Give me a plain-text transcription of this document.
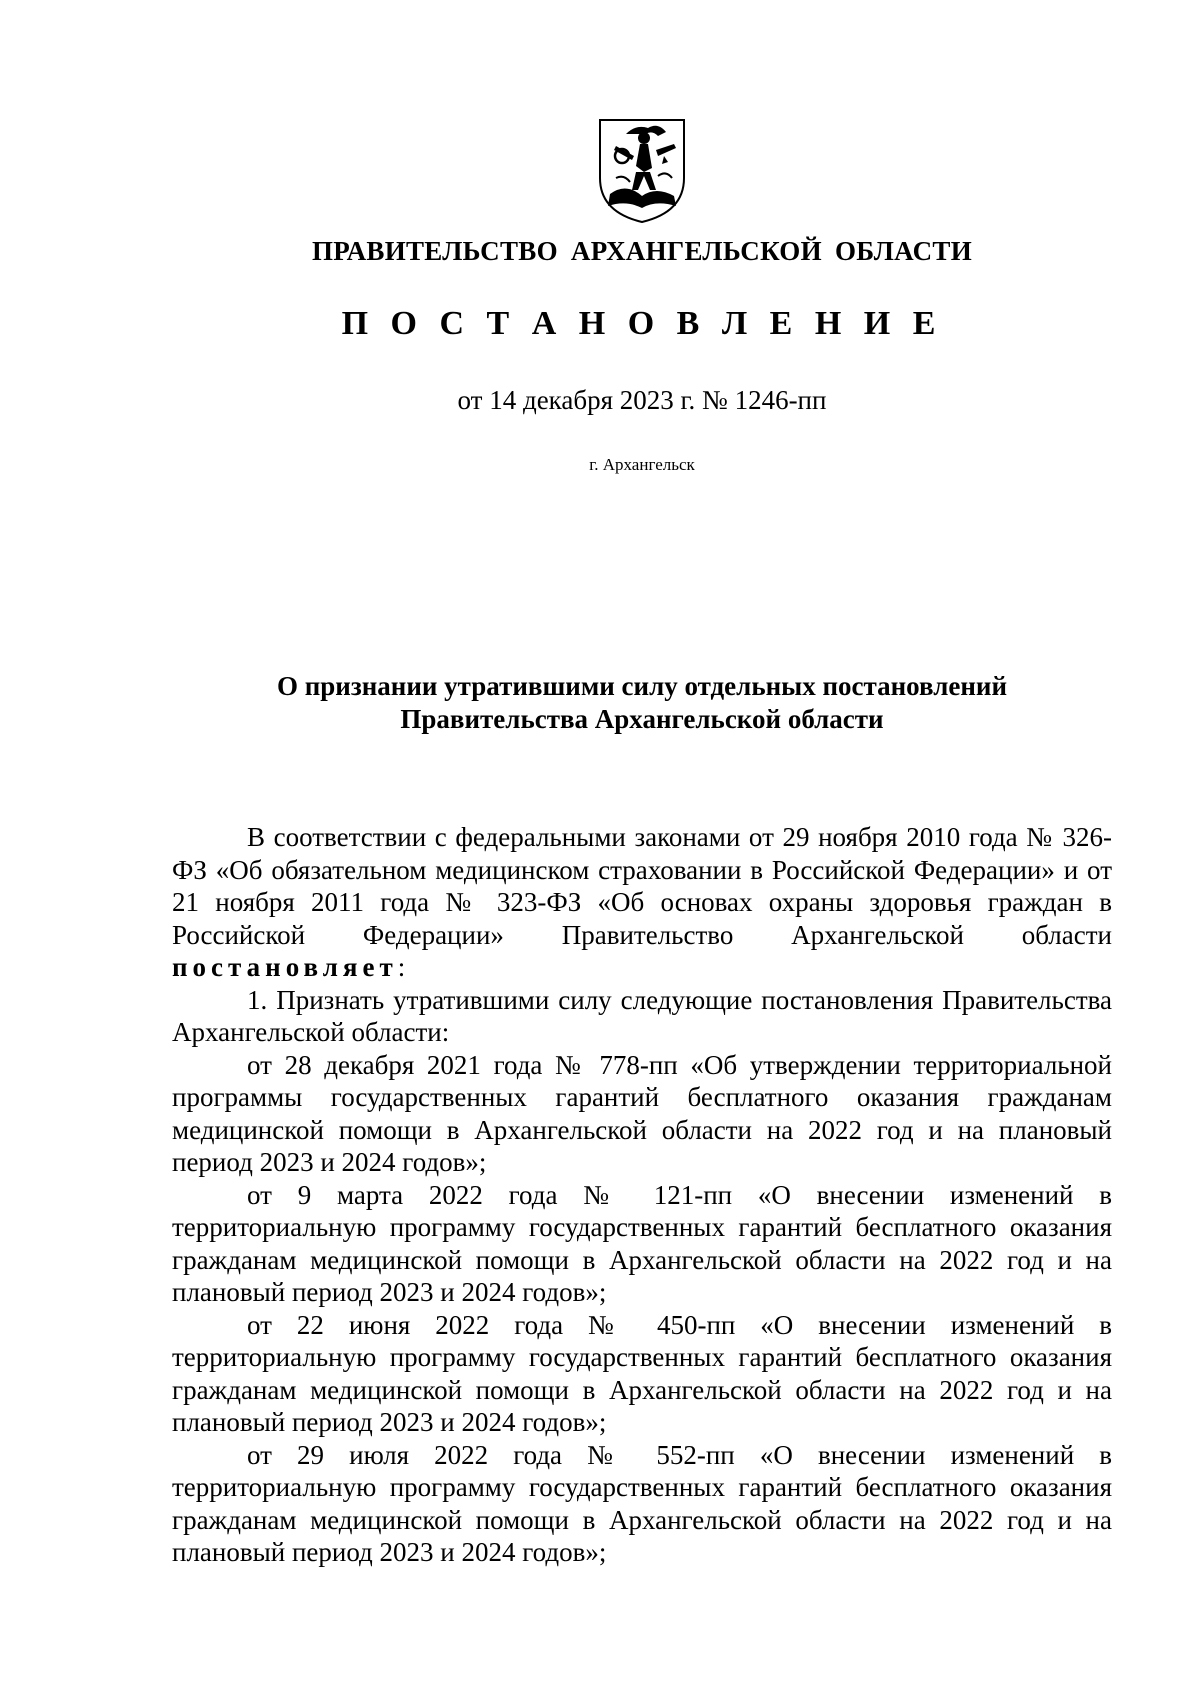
ПРАВИТЕЛЬСТВО АРХАНГЕЛЬСКОЙ ОБЛАСТИ
П О С Т А Н О В Л Е Н И Е
от 14 декабря 2023 г. № 1246-пп
г. Архангельск
О признании утратившими силу отдельных постановлений
Правительства Архангельской области

В соответствии с федеральными законами от 29 ноября 2010 года № 326-ФЗ «Об обязательном медицинском страховании в Российской Федерации» и от 21 ноября 2011 года № 323-ФЗ «Об основах охраны здоровья граждан в Российской Федерации» Правительство Архангельской области постановляет:

1. Признать утратившими силу следующие постановления Правительства Архангельской области:

от 28 декабря 2021 года № 778-пп «Об утверждении территориальной программы государственных гарантий бесплатного оказания гражданам медицинской помощи в Архангельской области на 2022 год и на плановый период 2023 и 2024 годов»;

от 9 марта 2022 года № 121-пп «О внесении изменений в территориальную программу государственных гарантий бесплатного оказания гражданам медицинской помощи в Архангельской области на 2022 год и на плановый период 2023 и 2024 годов»;

от 22 июня 2022 года № 450-пп «О внесении изменений в территориальную программу государственных гарантий бесплатного оказания гражданам медицинской помощи в Архангельской области на 2022 год и на плановый период 2023 и 2024 годов»;

от 29 июля 2022 года № 552-пп «О внесении изменений в территориальную программу государственных гарантий бесплатного оказания гражданам медицинской помощи в Архангельской области на 2022 год и на плановый период 2023 и 2024 годов»;
